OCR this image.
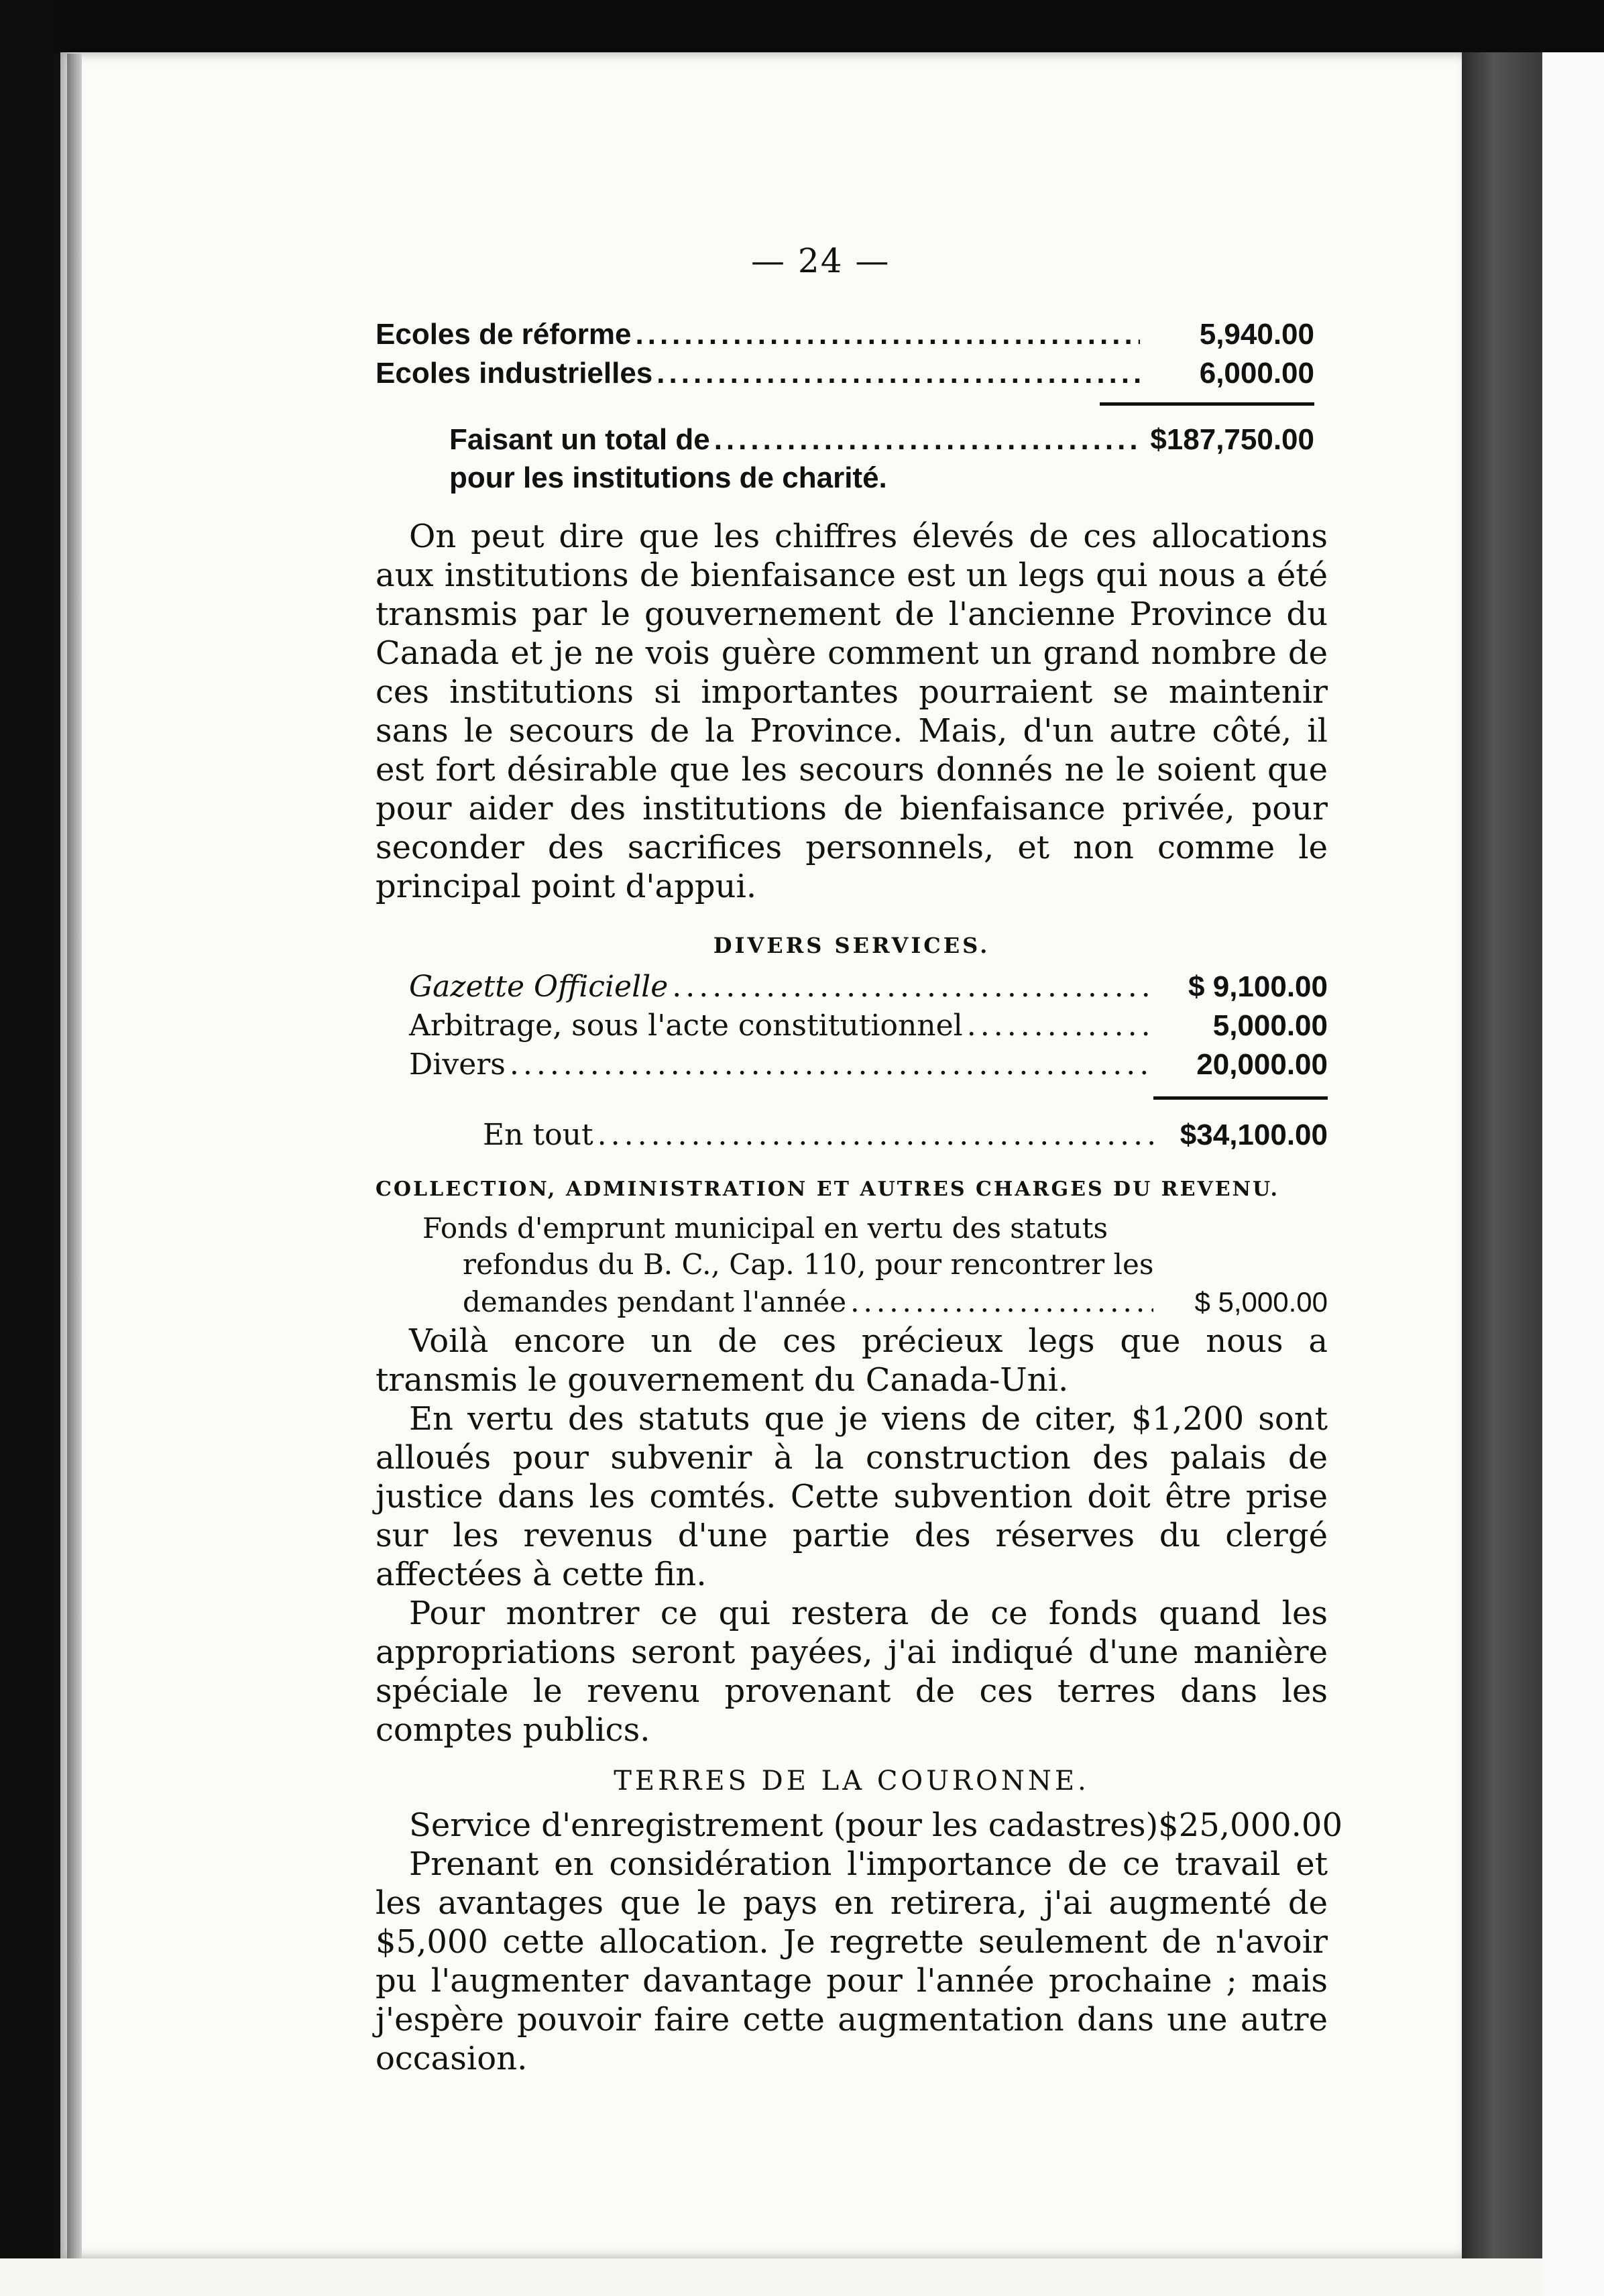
— 24 —
Ecoles de réforme .....	5,940.00
Ecoles industrielles .....	6,000.00
Faisant un total de .....	$187,750.00
pour les institutions de charité.

On peut dire que les chiffres élevés de ces allocations aux institutions de bienfaisance est un legs qui nous a été transmis par le gouvernement de l'ancienne Province du Canada et je ne vois guère comment un grand nombre de ces institutions si importantes pourraient se maintenir sans le secours de la Province. Mais, d'un autre côté, il est fort désirable que les secours donnés ne le soient que pour aider des institutions de bienfaisance privée, pour seconder des sacrifices personnels, et non comme le principal point d'appui.

DIVERS SERVICES.
Gazette Officielle .....	$ 9,100.00
Arbitrage, sous l'acte constitutionnel .....	5,000.00
Divers .....	20,000.00
En tout .....	$34,100.00
COLLECTION, ADMINISTRATION ET AUTRES CHARGES DU REVENU.
Fonds d'emprunt municipal en vertu des statuts
refondus du B. C., Cap. 110, pour rencontrer les
demandes pendant l'année .....	$ 5,000.00

Voilà encore un de ces précieux legs que nous a transmis le gouvernement du Canada-Uni.

En vertu des statuts que je viens de citer, $1,200 sont alloués pour subvenir à la construction des palais de justice dans les comtés. Cette subvention doit être prise sur les revenus d'une partie des réserves du clergé affectées à cette fin.

Pour montrer ce qui restera de ce fonds quand les appropriations seront payées, j'ai indiqué d'une manière spéciale le revenu provenant de ces terres dans les comptes publics.

TERRES DE LA COURONNE.
Service d'enregistrement (pour les cadastres) $25,000.00

Prenant en considération l'importance de ce travail et les avantages que le pays en retirera, j'ai augmenté de $5,000 cette allocation. Je regrette seulement de n'avoir pu l'augmenter davantage pour l'année prochaine ; mais j'espère pouvoir faire cette augmentation dans une autre occasion.
